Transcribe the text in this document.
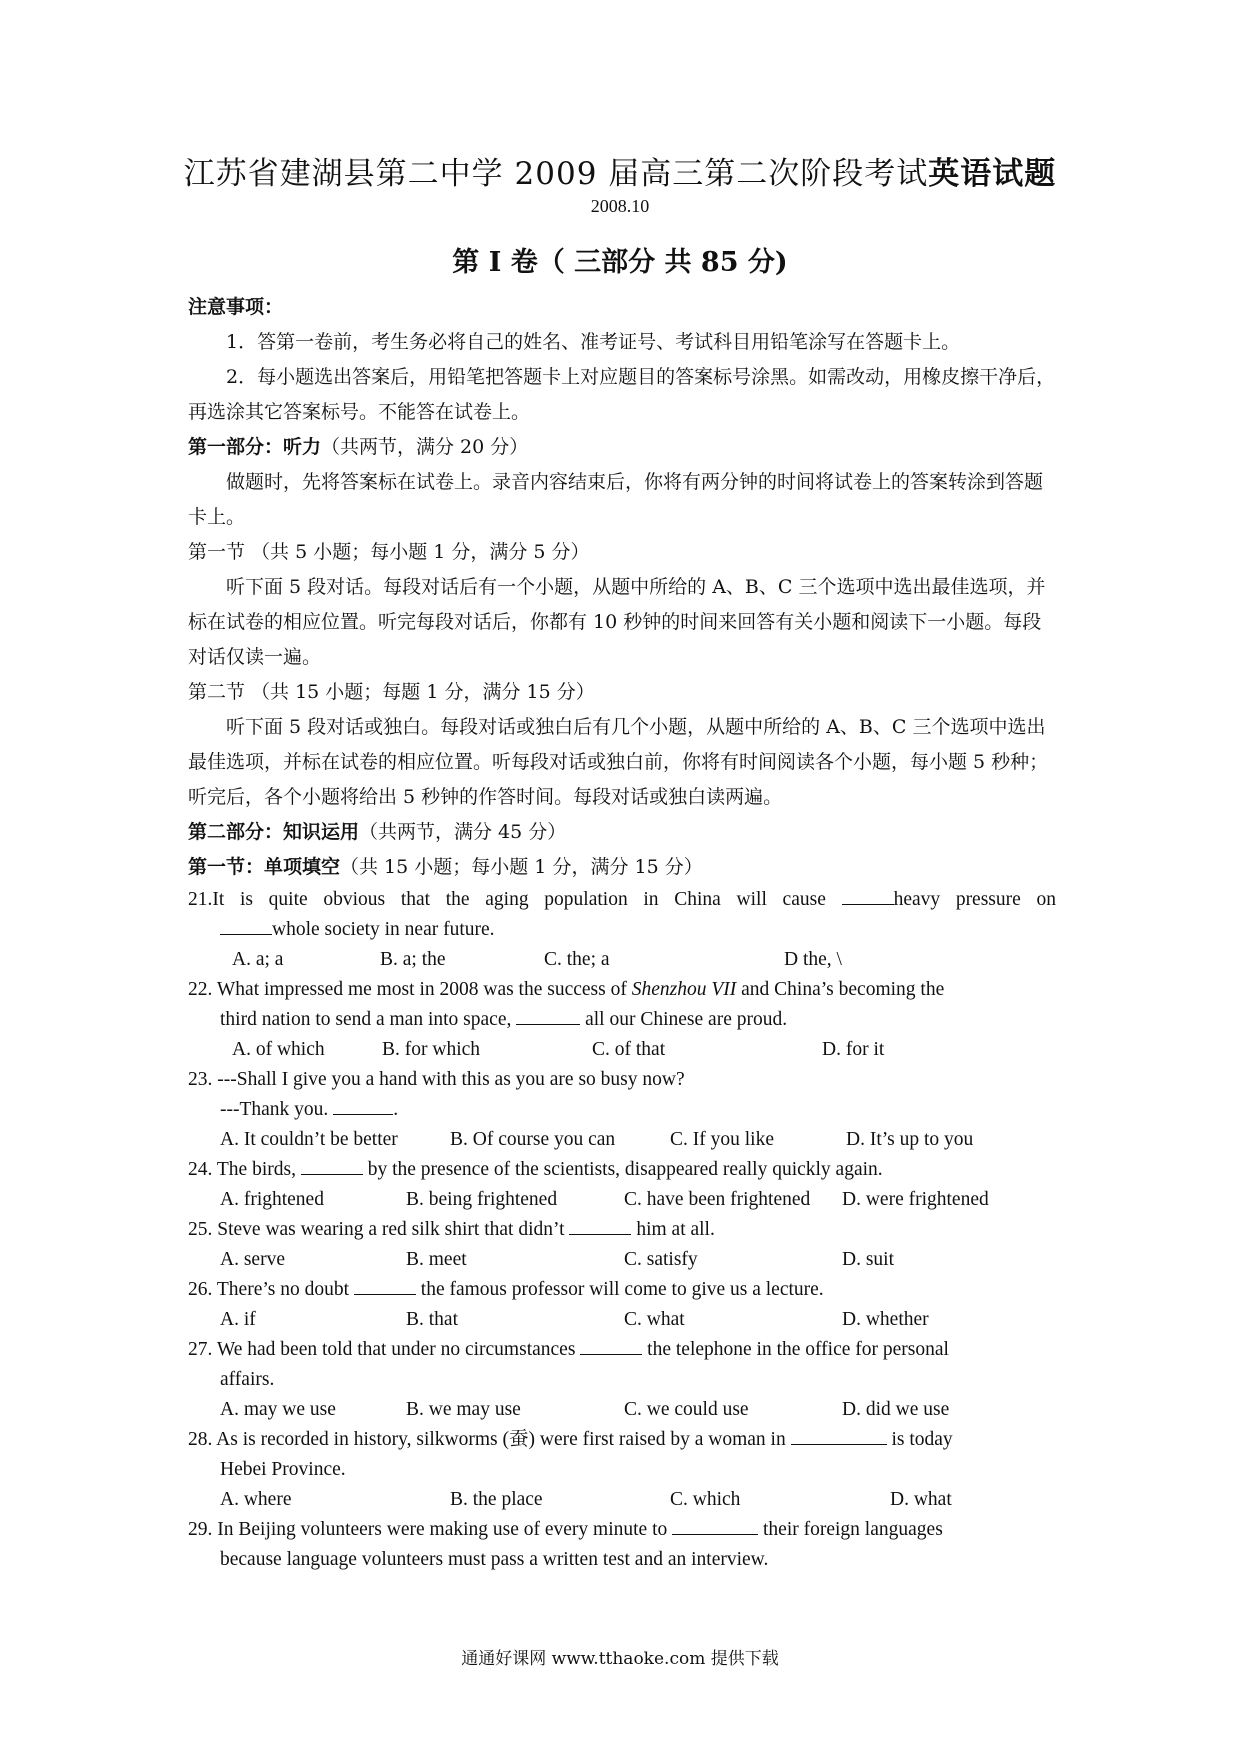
江苏省建湖县第二中学 2009 届高三第二次阶段考试英语试题
2008.10
第 I 卷（ 三部分 共 85 分)

注意事项：

1．答第一卷前，考生务必将自己的姓名、准考证号、考试科目用铅笔涂写在答题卡上。

2．每小题选出答案后，用铅笔把答题卡上对应题目的答案标号涂黑。如需改动，用橡皮擦干净后，再选涂其它答案标号。不能答在试卷上。

第一部分：听力（共两节，满分 20 分）

做题时，先将答案标在试卷上。录音内容结束后，你将有两分钟的时间将试卷上的答案转涂到答题卡上。

第一节 （共 5 小题；每小题 1 分，满分 5 分）

听下面 5 段对话。每段对话后有一个小题，从题中所给的 A、B、C 三个选项中选出最佳选项，并标在试卷的相应位置。听完每段对话后，你都有 10 秒钟的时间来回答有关小题和阅读下一小题。每段对话仅读一遍。

第二节 （共 15 小题；每题 1 分，满分 15 分）

听下面 5 段对话或独白。每段对话或独白后有几个小题，从题中所给的 A、B、C 三个选项中选出最佳选项，并标在试卷的相应位置。听每段对话或独白前，你将有时间阅读各个小题，每小题 5 秒种；听完后，各个小题将给出 5 秒钟的作答时间。每段对话或独白读两遍。

第二部分：知识运用（共两节，满分 45 分）

第一节：单项填空（共 15 小题；每小题 1 分，满分 15 分）

21.It is quite obvious that the aging population in China will cause	heavy pressure on
whole society in near future.
A. a; a	B. a; the	C. the; a	D the, \
22. What impressed me most in 2008 was the success of Shenzhou VII and China’s becoming the
third nation to send a man into space,	all our Chinese are proud.
A. of which	B. for which	C. of that	D. for it
23. ---Shall I give you a hand with this as you are so busy now?
---Thank you.	.
A. It couldn’t be better	B. Of course you can	C. If you like	D. It’s up to you
24. The birds,	by the presence of the scientists, disappeared really quickly again.
A. frightened	B. being frightened	C. have been frightened	D. were frightened
25. Steve was wearing a red silk shirt that didn’t	him at all.
A. serve	B. meet	C. satisfy	D. suit
26. There’s no doubt	the famous professor will come to give us a lecture.
A. if	B. that	C. what	D. whether
27. We had been told that under no circumstances	the telephone in the office for personal
affairs.
A. may we use	B. we may use	C. we could use	D. did we use
28. As is recorded in history, silkworms (蚕) were first raised by a woman in	is today
Hebei Province.
A. where	B. the place	C. which	D. what
29. In Beijing volunteers were making use of every minute to	their foreign languages
because language volunteers must pass a written test and an interview.
通通好课网 www.tthaoke.com 提供下载
